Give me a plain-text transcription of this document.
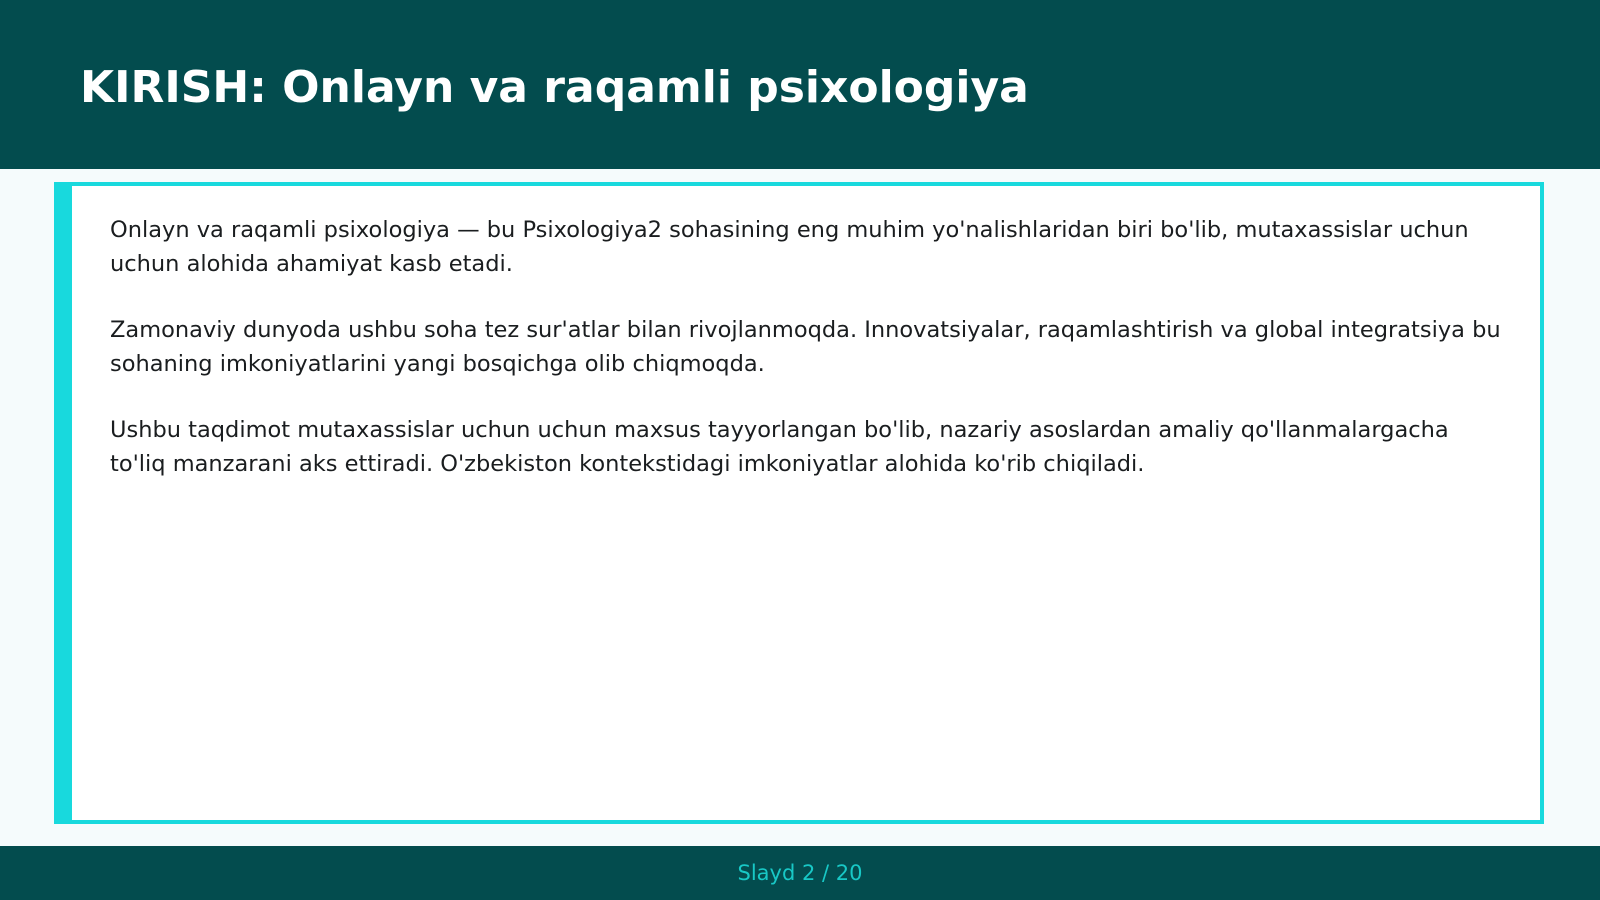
KIRISH: Onlayn va raqamli psixologiya

Onlayn va raqamli psixologiya — bu Psixologiya2 sohasining eng muhim yo'nalishlaridan biri bo'lib, mutaxassislar uchun uchun alohida ahamiyat kasb etadi.

Zamonaviy dunyoda ushbu soha tez sur'atlar bilan rivojlanmoqda. Innovatsiyalar, raqamlashtirish va global integratsiya bu sohaning imkoniyatlarini yangi bosqichga olib chiqmoqda.

Ushbu taqdimot mutaxassislar uchun uchun maxsus tayyorlangan bo'lib, nazariy asoslardan amaliy qo'llanmalargacha to'liq manzarani aks ettiradi. O'zbekiston kontekstidagi imkoniyatlar alohida ko'rib chiqiladi.

Slayd 2 / 20
